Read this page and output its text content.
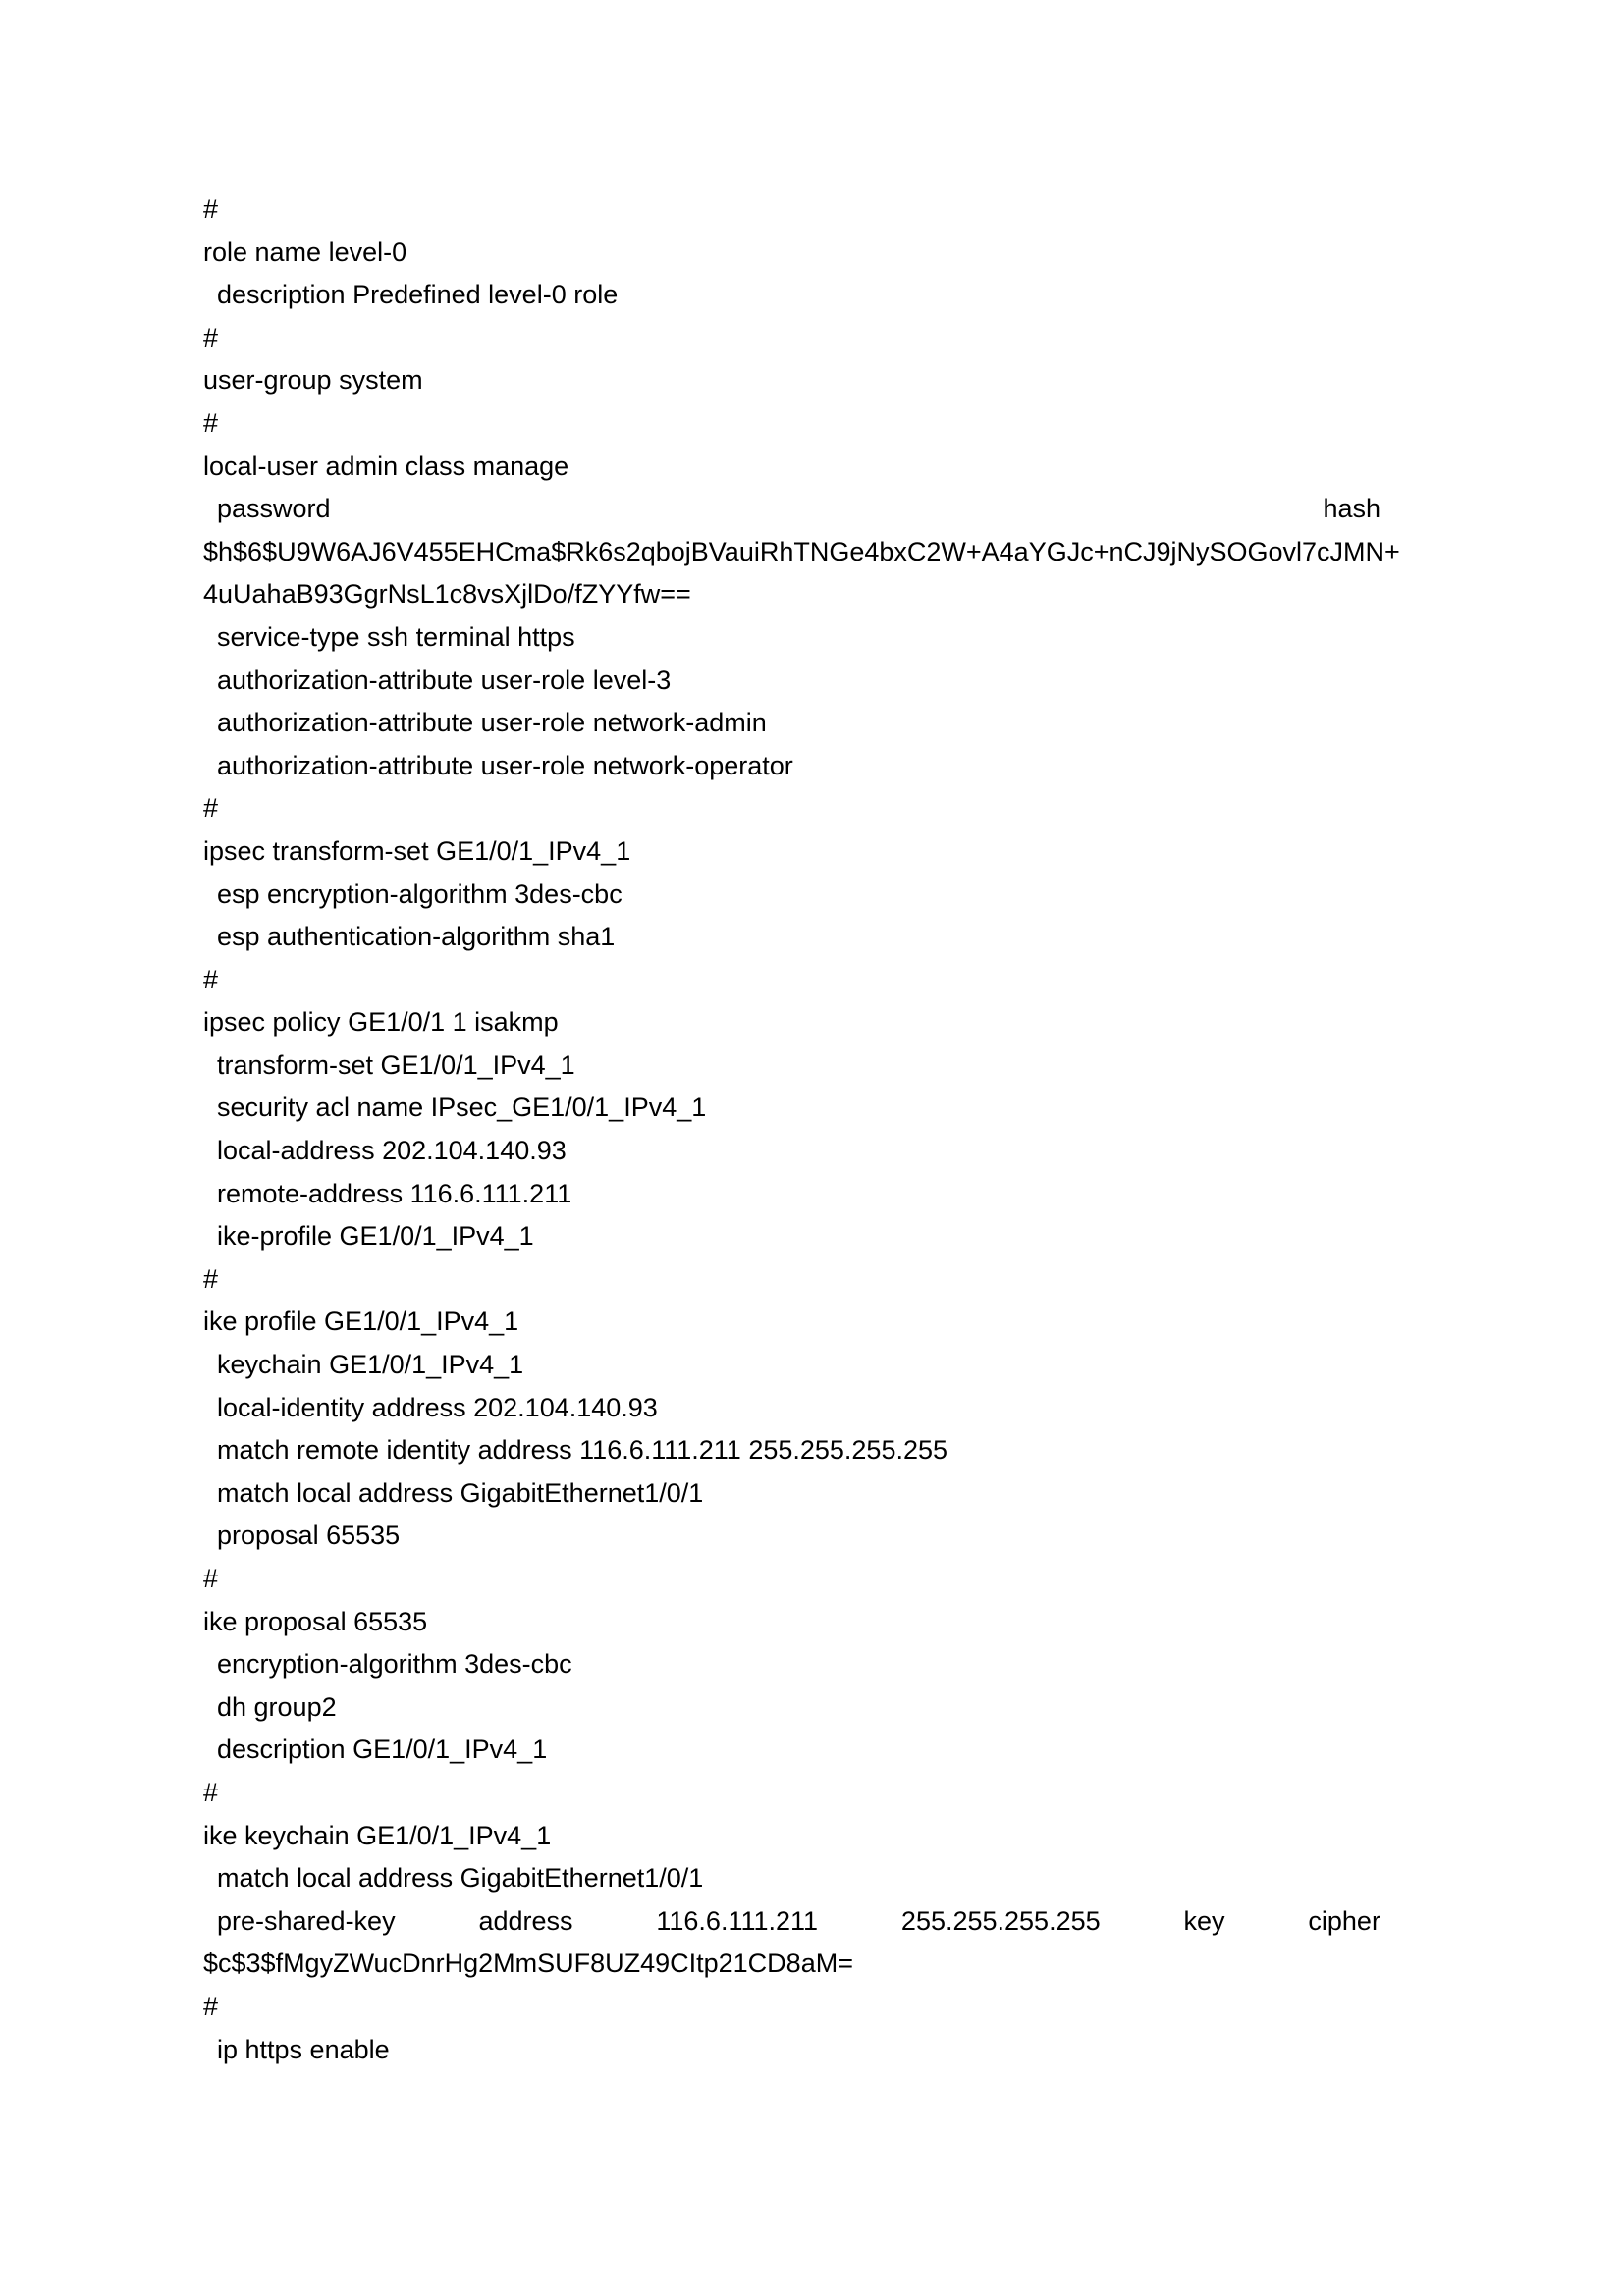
#
role name level-0
description Predefined level-0 role
#
user-group system
#
local-user admin class manage
password	hash
$h$6$U9W6AJ6V455EHCma$Rk6s2qbojBVauiRhTNGe4bxC2W+A4aYGJc+nCJ9jNySOGovl7cJMN+
4uUahaB93GgrNsL1c8vsXjlDo/fZYYfw==
service-type ssh terminal https
authorization-attribute user-role level-3
authorization-attribute user-role network-admin
authorization-attribute user-role network-operator
#
ipsec transform-set GE1/0/1_IPv4_1
esp encryption-algorithm 3des-cbc
esp authentication-algorithm sha1
#
ipsec policy GE1/0/1 1 isakmp
transform-set GE1/0/1_IPv4_1
security acl name IPsec_GE1/0/1_IPv4_1
local-address 202.104.140.93
remote-address 116.6.111.211
ike-profile GE1/0/1_IPv4_1
#
ike profile GE1/0/1_IPv4_1
keychain GE1/0/1_IPv4_1
local-identity address 202.104.140.93
match remote identity address 116.6.111.211 255.255.255.255
match local address GigabitEthernet1/0/1
proposal 65535
#
ike proposal 65535
encryption-algorithm 3des-cbc
dh group2
description GE1/0/1_IPv4_1
#
ike keychain GE1/0/1_IPv4_1
match local address GigabitEthernet1/0/1
pre-shared-key	address	116.6.111.211	255.255.255.255	key	cipher
$c$3$fMgyZWucDnrHg2MmSUF8UZ49CItp21CD8aM=
#
ip https enable
